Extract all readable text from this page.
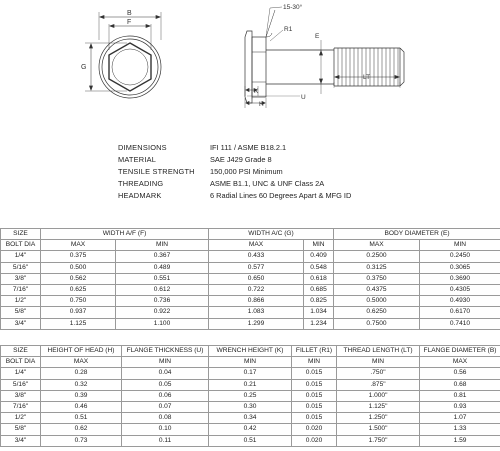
B
F
G
15-30°
R1
E
LT
K
H
U
DIMENSIONS	IFI 111 / ASME B18.2.1
MATERIAL	SAE J429 Grade 8
TENSILE STRENGTH	150,000 PSI Minimum
THREADING	ASME B1.1, UNC & UNF Class 2A
HEADMARK	6 Radial Lines 60 Degrees Apart & MFG ID
SIZE	WIDTH A/F (F)		WIDTH A/C (G)		BODY DIAMETER (E)	
BOLT DIA	MAX	MIN	MAX	MIN	MAX	MIN
1/4"	0.375	0.367	0.433	0.409	0.2500	0.2450
5/16"	0.500	0.489	0.577	0.548	0.3125	0.3065
3/8"	0.562	0.551	0.650	0.618	0.3750	0.3690
7/16"	0.625	0.612	0.722	0.685	0.4375	0.4305
1/2"	0.750	0.736	0.866	0.825	0.5000	0.4930
5/8"	0.937	0.922	1.083	1.034	0.6250	0.6170
3/4"	1.125	1.100	1.299	1.234	0.7500	0.7410
SIZE	HEIGHT OF HEAD (H)	FLANGE THICKNESS (U)	WRENCH HEIGHT (K)	FILLET (R1)	THREAD LENGTH (LT)	FLANGE DIAMETER (B)
BOLT DIA	MAX	MIN	MIN	MIN	MIN	MAX
1/4"	0.28	0.04	0.17	0.015	.750"	0.56
5/16"	0.32	0.05	0.21	0.015	.875"	0.68
3/8"	0.39	0.06	0.25	0.015	1.000"	0.81
7/16"	0.46	0.07	0.30	0.015	1.125"	0.93
1/2"	0.51	0.08	0.34	0.015	1.250"	1.07
5/8"	0.62	0.10	0.42	0.020	1.500"	1.33
3/4"	0.73	0.11	0.51	0.020	1.750"	1.59
